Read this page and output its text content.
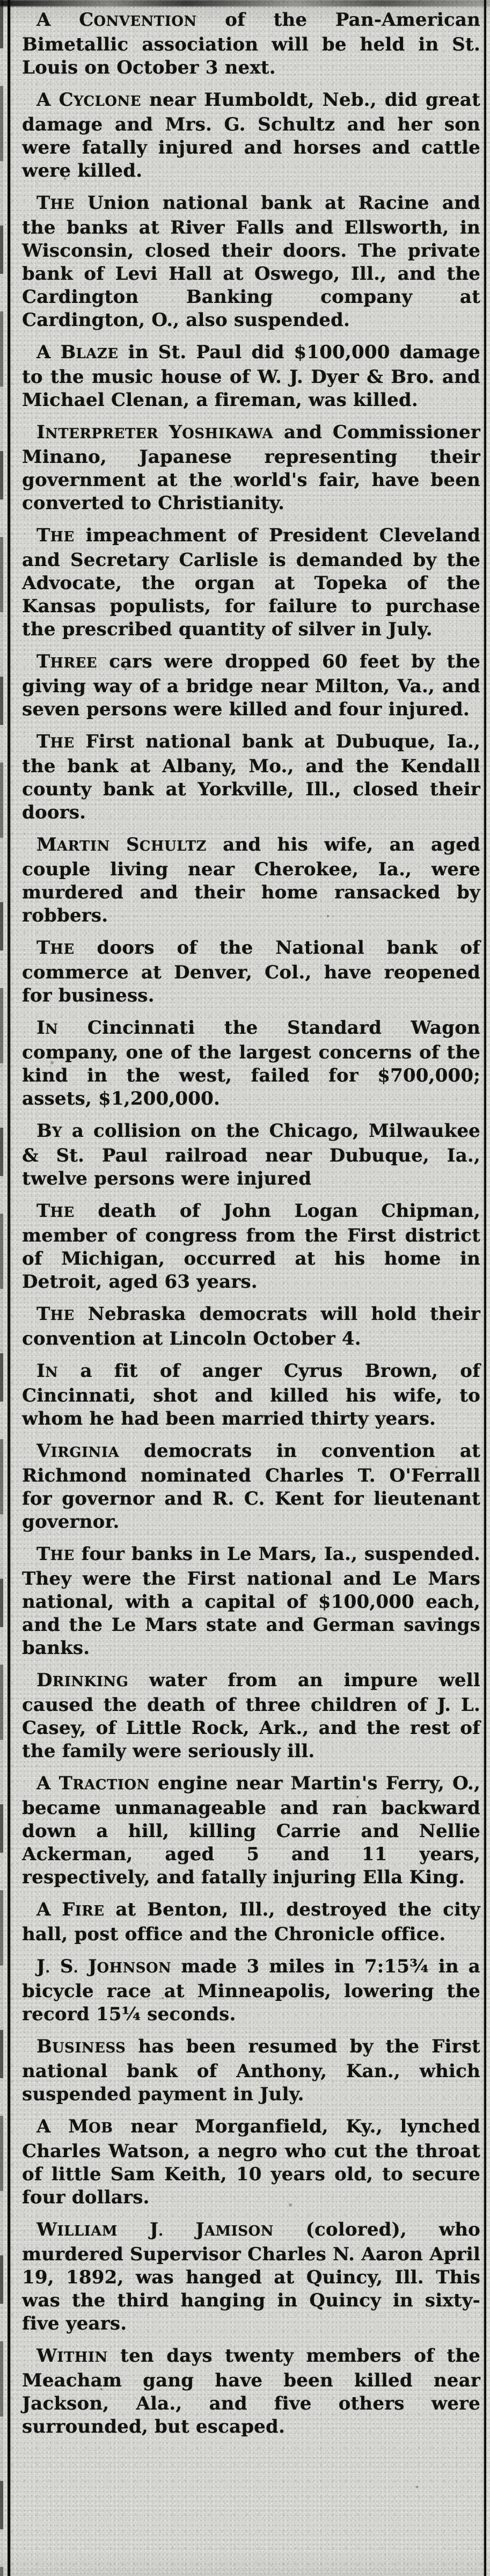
A CONVENTION of the Pan-American Bimetallic association will be held in St. Louis on October 3 next.

A CYCLONE near Humboldt, Neb., did great damage and Mrs. G. Schultz and her son were fatally injured and horses and cattle were killed.

THE Union national bank at Racine and the banks at River Falls and Ellsworth, in Wisconsin, closed their doors. The private bank of Levi Hall at Oswego, Ill., and the Cardington Banking company at Cardington, O., also suspended.

A BLAZE in St. Paul did $100,000 damage to the music house of W. J. Dyer & Bro. and Michael Clenan, a fireman, was killed.

INTERPRETER YOSHIKAWA and Commissioner Minano, Japanese representing their government at the world's fair, have been converted to Christianity.

THE impeachment of President Cleveland and Secretary Carlisle is demanded by the Advocate, the organ at Topeka of the Kansas populists, for failure to purchase the prescribed quantity of silver in July.

THREE cars were dropped 60 feet by the giving way of a bridge near Milton, Va., and seven persons were killed and four injured.

THE First national bank at Dubuque, Ia., the bank at Albany, Mo., and the Kendall county bank at Yorkville, Ill., closed their doors.

MARTIN SCHULTZ and his wife, an aged couple living near Cherokee, Ia., were murdered and their home ransacked by robbers.

THE doors of the National bank of commerce at Denver, Col., have reopened for business.

IN Cincinnati the Standard Wagon company, one of the largest concerns of the kind in the west, failed for $700,000; assets, $1,200,000.

BY a collision on the Chicago, Milwaukee & St. Paul railroad near Dubuque, Ia., twelve persons were injured

THE death of John Logan Chipman, member of congress from the First district of Michigan, occurred at his home in Detroit, aged 63 years.

THE Nebraska democrats will hold their convention at Lincoln October 4.

IN a fit of anger Cyrus Brown, of Cincinnati, shot and killed his wife, to whom he had been married thirty years.

VIRGINIA democrats in convention at Richmond nominated Charles T. O'Ferrall for governor and R. C. Kent for lieutenant governor.

THE four banks in Le Mars, Ia., suspended. They were the First national and Le Mars national, with a capital of $100,000 each, and the Le Mars state and German savings banks.

DRINKING water from an impure well caused the death of three children of J. L. Casey, of Little Rock, Ark., and the rest of the family were seriously ill.

A TRACTION engine near Martin's Ferry, O., became unmanageable and ran backward down a hill, killing Carrie and Nellie Ackerman, aged 5 and 11 years, respectively, and fatally injuring Ella King.

A FIRE at Benton, Ill., destroyed the city hall, post office and the Chronicle office.

J. S. JOHNSON made 3 miles in 7:15¾ in a bicycle race at Minneapolis, lowering the record 15¼ seconds.

BUSINESS has been resumed by the First national bank of Anthony, Kan., which suspended payment in July.

A MOB near Morganfield, Ky., lynched Charles Watson, a negro who cut the throat of little Sam Keith, 10 years old, to secure four dollars.

WILLIAM J. JAMISON (colored), who murdered Supervisor Charles N. Aaron April 19, 1892, was hanged at Quincy, Ill. This was the third hanging in Quincy in sixty-five years.

WITHIN ten days twenty members of the Meacham gang have been killed near Jackson, Ala., and five others were surrounded, but escaped.
